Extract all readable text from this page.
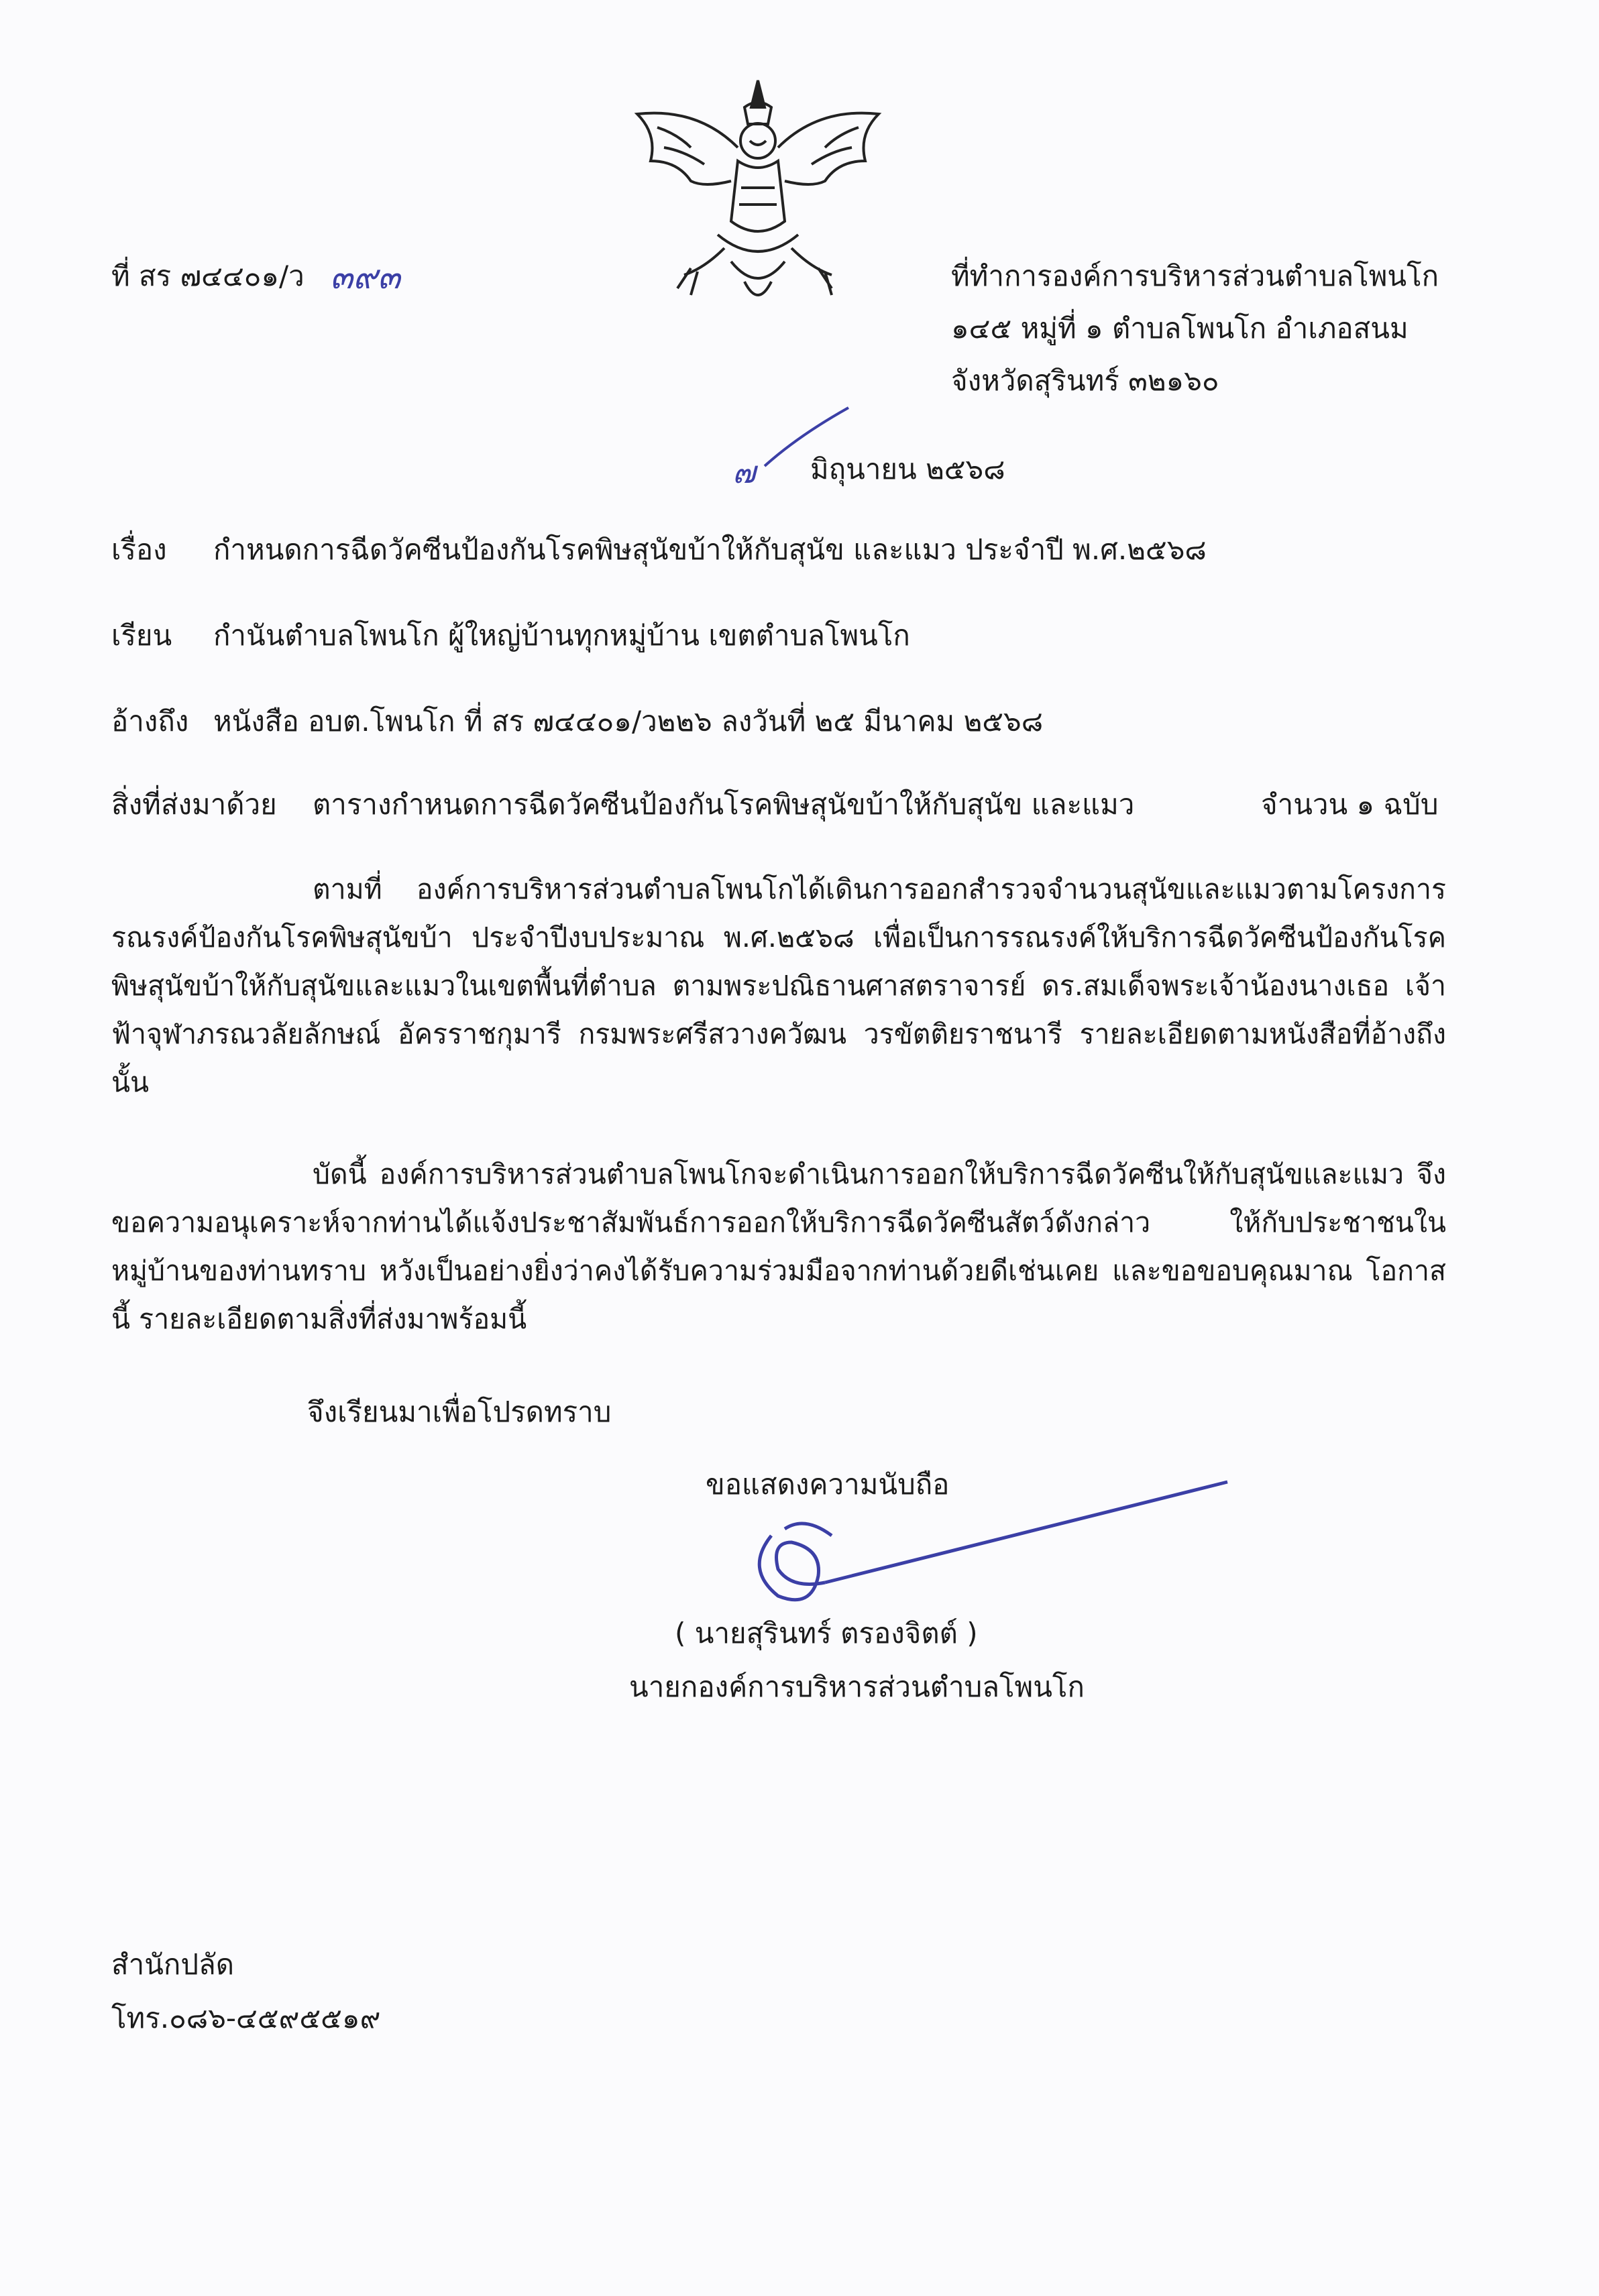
ที่ สร ๗๔๔๐๑/ว ๓๙๓	ที่ทำการองค์การบริหารส่วนตำบลโพนโก
๑๔๕ หมู่ที่ ๑ ตำบลโพนโก อำเภอสนม
จังหวัดสุรินทร์ ๓๒๑๖๐
๗ มิถุนายน ๒๕๖๘
เรื่อง กำหนดการฉีดวัคซีนป้องกันโรคพิษสุนัขบ้าให้กับสุนัข และแมว ประจำปี พ.ศ.๒๕๖๘
เรียน กำนันตำบลโพนโก ผู้ใหญ่บ้านทุกหมู่บ้าน เขตตำบลโพนโก
อ้างถึง หนังสือ อบต.โพนโก ที่ สร ๗๔๔๐๑/ว๒๒๖ ลงวันที่ ๒๕ มีนาคม ๒๕๖๘
สิ่งที่ส่งมาด้วย ตารางกำหนดการฉีดวัคซีนป้องกันโรคพิษสุนัขบ้าให้กับสุนัข และแมว	จำนวน ๑ ฉบับ
ตามที่ องค์การบริหารส่วนตำบลโพนโกได้เดินการออกสำรวจจำนวนสุนัขและแมวตามโครงการรณรงค์ป้องกันโรคพิษสุนัขบ้า ประจำปีงบประมาณ พ.ศ.๒๕๖๘ เพื่อเป็นการรณรงค์ให้บริการฉีดวัคซีนป้องกันโรคพิษสุนัขบ้าให้กับสุนัขและแมวในเขตพื้นที่ตำบล ตามพระปณิธานศาสตราจารย์ ดร.สมเด็จพระเจ้าน้องนางเธอ เจ้าฟ้าจุฬาภรณวลัยลักษณ์ อัครราชกุมารี กรมพระศรีสวางควัฒน วรขัตติยราชนารี รายละเอียดตามหนังสือที่อ้างถึง นั้น
บัดนี้ องค์การบริหารส่วนตำบลโพนโกจะดำเนินการออกให้บริการฉีดวัคซีนให้กับสุนัขและแมว จึงขอความอนุเคราะห์จากท่านได้แจ้งประชาสัมพันธ์การออกให้บริการฉีดวัคซีนสัตว์ดังกล่าว ให้กับประชาชนในหมู่บ้านของท่านทราบ หวังเป็นอย่างยิ่งว่าคงได้รับความร่วมมือจากท่านด้วยดีเช่นเคย และขอขอบคุณมาณ โอกาสนี้ รายละเอียดตามสิ่งที่ส่งมาพร้อมนี้
จึงเรียนมาเพื่อโปรดทราบ
ขอแสดงความนับถือ
( นายสุรินทร์ ตรองจิตต์ )
นายกองค์การบริหารส่วนตำบลโพนโก
สำนักปลัด
โทร.๐๘๖-๔๕๙๕๕๑๙
